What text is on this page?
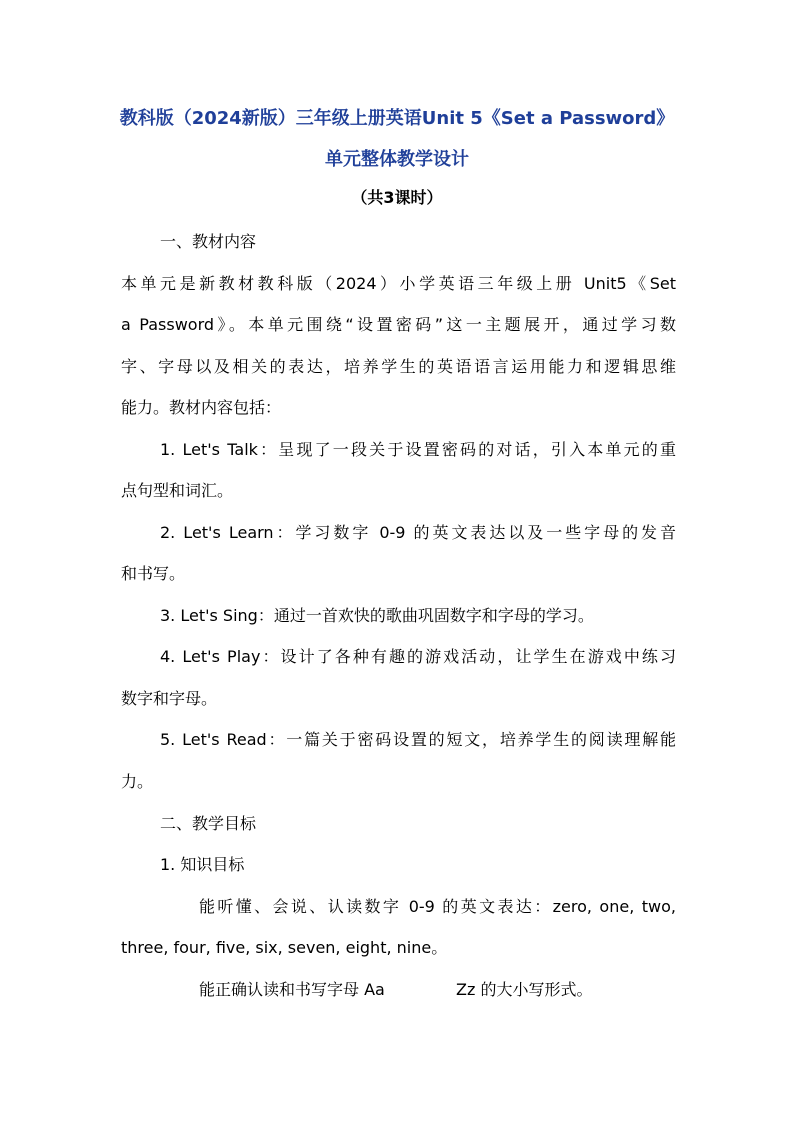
教科版（2024新版）三年级上册英语Unit 5《Set a Password》
单元整体教学设计
（共3课时）
一、教材内容
本单元是新教材教科版（2024）小学英语三年级上册 Unit5《Set
a Password》。本单元围绕“设置密码”这一主题展开，通过学习数
字、字母以及相关的表达，培养学生的英语语言运用能力和逻辑思维
能力。教材内容包括：
1. Let's Talk：呈现了一段关于设置密码的对话，引入本单元的重
点句型和词汇。
2. Let's Learn：学习数字 0-9 的英文表达以及一些字母的发音
和书写。
3. Let's Sing：通过一首欢快的歌曲巩固数字和字母的学习。
4. Let's Play：设计了各种有趣的游戏活动，让学生在游戏中练习
数字和字母。
5. Let's Read：一篇关于密码设置的短文，培养学生的阅读理解能
力。
二、教学目标
1. 知识目标
能听懂、会说、认读数字 0-9 的英文表达：zero, one, two,
three, four, five, six, seven, eight, nine。
能正确认读和书写字母 Aa	Zz 的大小写形式。
